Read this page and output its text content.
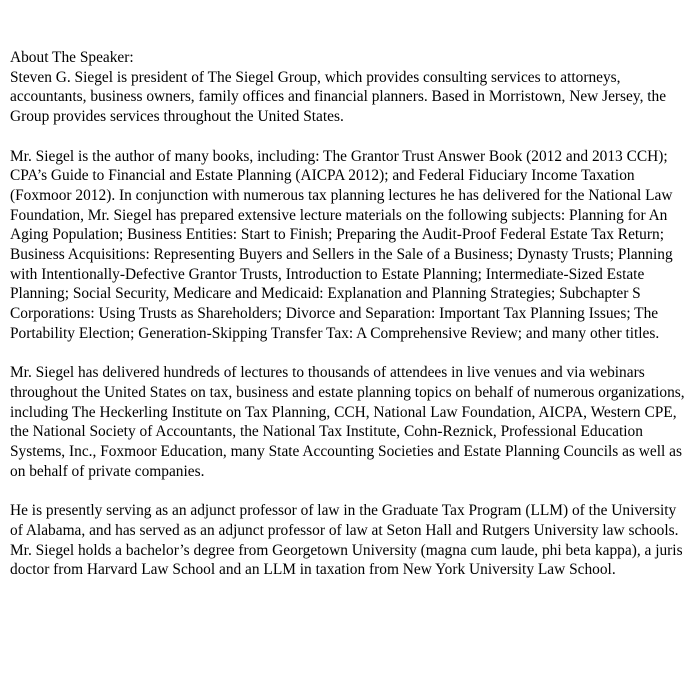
About The Speaker:

Steven G. Siegel is president of The Siegel Group, which provides consulting services to attorneys, accountants, business owners, family offices and financial planners. Based in Morristown, New Jersey, the Group provides services throughout the United States.

Mr. Siegel is the author of many books, including: The Grantor Trust Answer Book (2012 and 2013 CCH); CPA’s Guide to Financial and Estate Planning (AICPA 2012); and Federal Fiduciary Income Taxation (Foxmoor 2012). In conjunction with numerous tax planning lectures he has delivered for the National Law Foundation, Mr. Siegel has prepared extensive lecture materials on the following subjects: Planning for An Aging Population; Business Entities: Start to Finish; Preparing the Audit-Proof Federal Estate Tax Return; Business Acquisitions: Representing Buyers and Sellers in the Sale of a Business; Dynasty Trusts; Planning with Intentionally-Defective Grantor Trusts, Introduction to Estate Planning; Intermediate-Sized Estate Planning; Social Security, Medicare and Medicaid: Explanation and Planning Strategies; Subchapter S Corporations: Using Trusts as Shareholders; Divorce and Separation: Important Tax Planning Issues; The Portability Election; Generation-Skipping Transfer Tax: A Comprehensive Review; and many other titles.

Mr. Siegel has delivered hundreds of lectures to thousands of attendees in live venues and via webinars throughout the United States on tax, business and estate planning topics on behalf of numerous organizations, including The Heckerling Institute on Tax Planning, CCH, National Law Foundation, AICPA, Western CPE, the National Society of Accountants, the National Tax Institute, Cohn-Reznick, Professional Education Systems, Inc., Foxmoor Education, many State Accounting Societies and Estate Planning Councils as well as on behalf of private companies.

He is presently serving as an adjunct professor of law in the Graduate Tax Program (LLM) of the University of Alabama, and has served as an adjunct professor of law at Seton Hall and Rutgers University law schools. Mr. Siegel holds a bachelor’s degree from Georgetown University (magna cum laude, phi beta kappa), a juris doctor from Harvard Law School and an LLM in taxation from New York University Law School.
